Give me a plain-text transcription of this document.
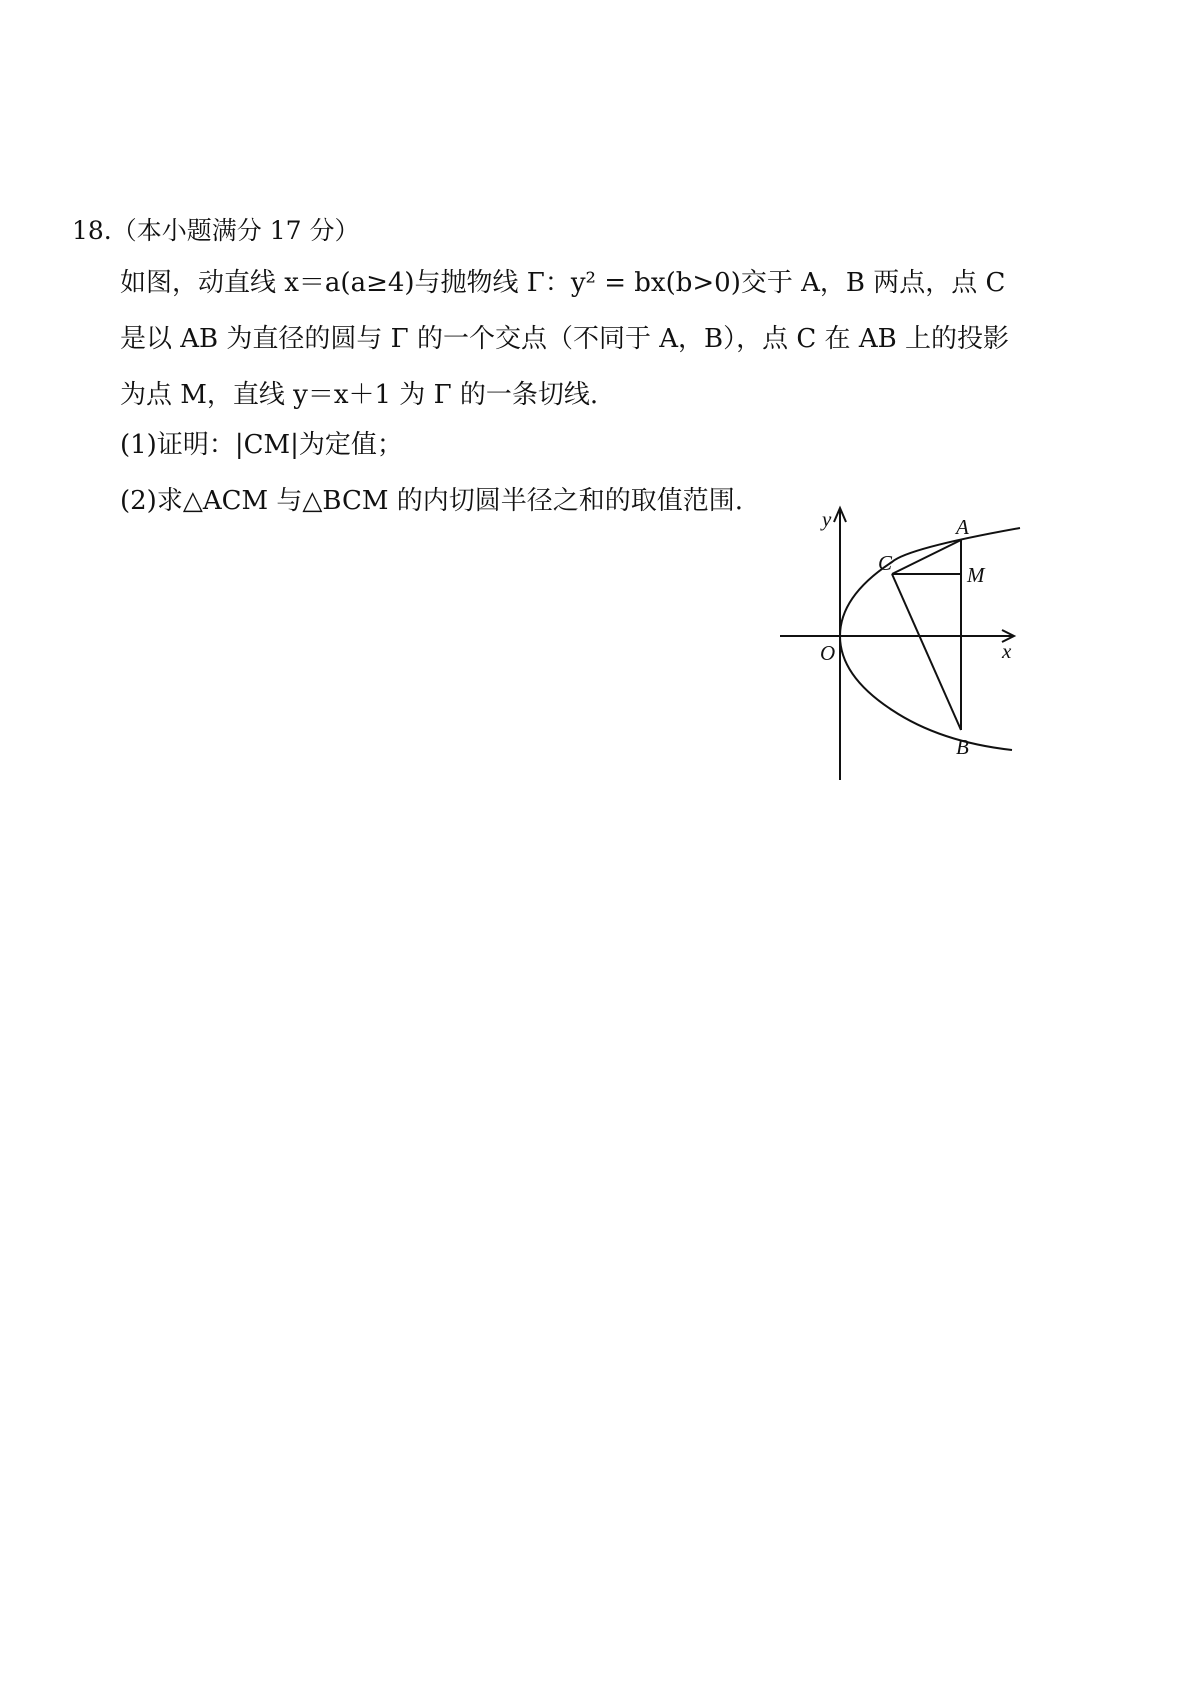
18.（本小题满分 17 分）
如图，动直线 x＝a(a≥4)与抛物线 Γ：y² = bx(b>0)交于 A，B 两点，点 C
是以 AB 为直径的圆与 Γ 的一个交点（不同于 A，B），点 C 在 AB 上的投影
为点 M，直线 y＝x＋1 为 Γ 的一条切线.
(1)证明：|CM|为定值；
(2)求△ACM 与△BCM 的内切圆半径之和的取值范围.
y
x
O
A
B
C	M
